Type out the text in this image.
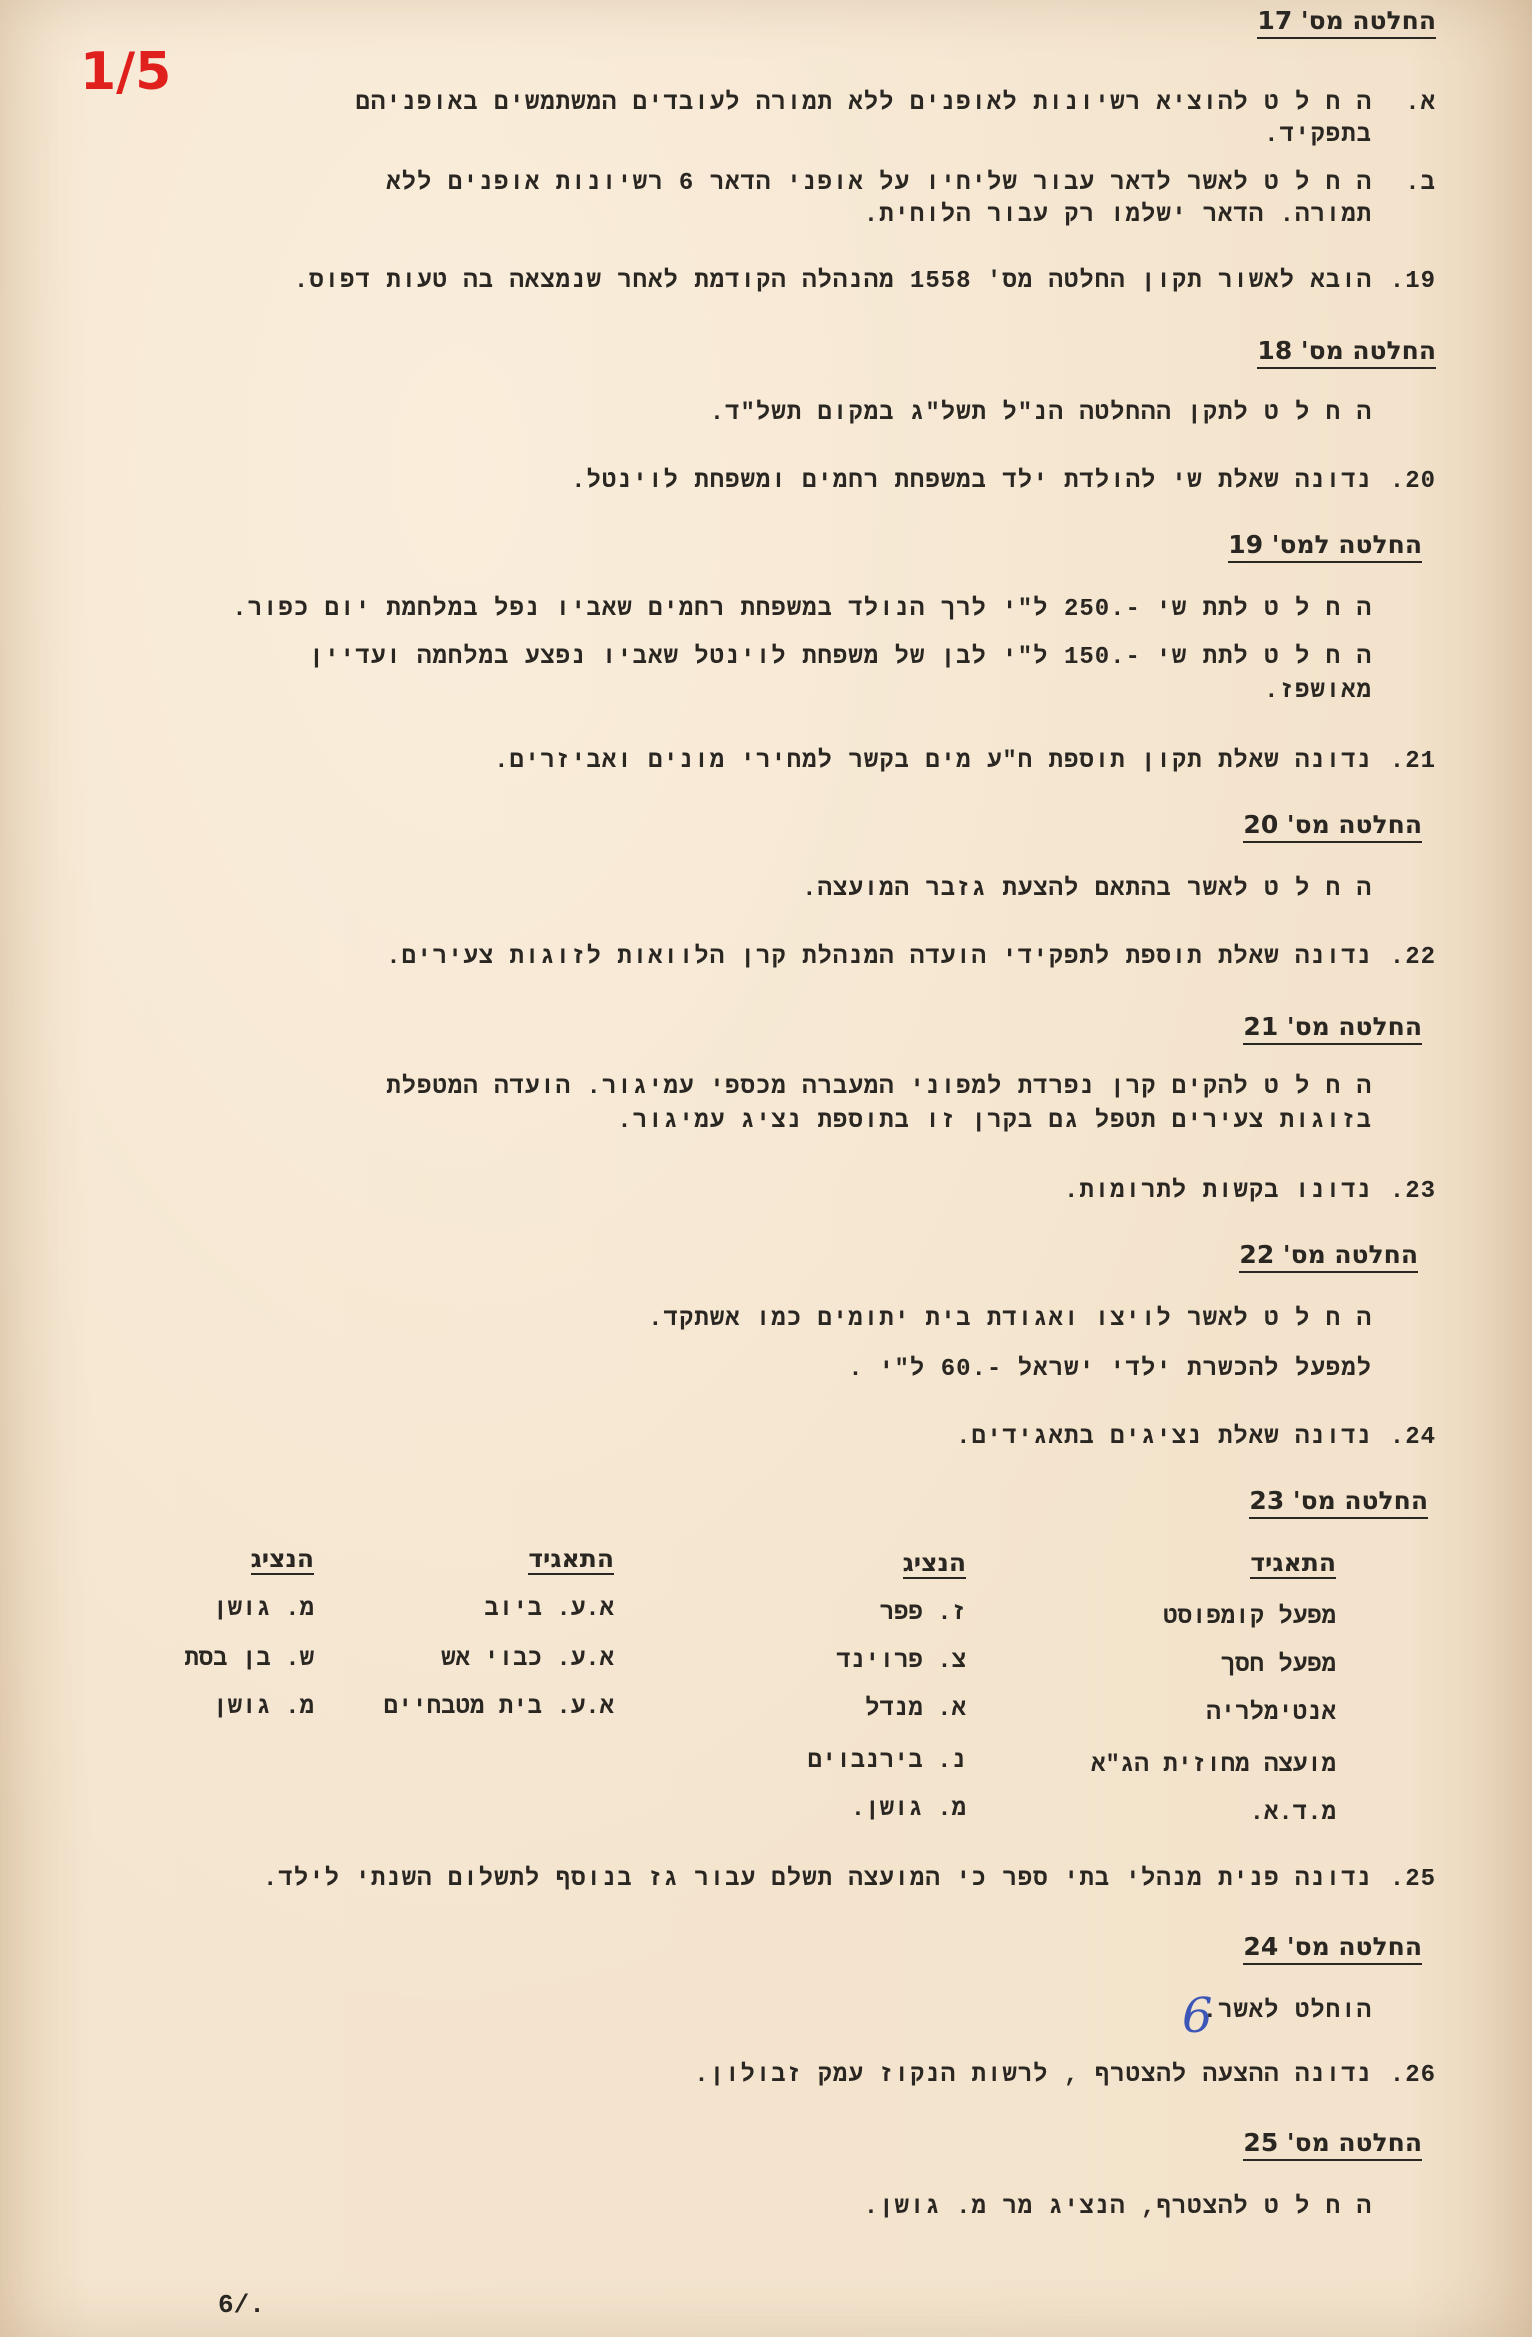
1/5
החלטה מס' 17
א.ה ח ל ט להוציא רשיונות לאופנים ללא תמורה לעובדים המשתמשים באופניהם
בתפקיד.
ב.ה ח ל ט לאשר לדאר עבור שליחיו על אופני הדאר 6 רשיונות אופנים ללא
תמורה. הדאר ישלמו רק עבור הלוחית.
19.הובא לאשור תקון החלטה מס' 1558 מהנהלה הקודמת לאחר שנמצאה בה טעות דפוס.
החלטה מס' 18
ה ח ל ט לתקן ההחלטה הנ"ל תשל"ג במקום תשל"ד.
20.נדונה שאלת שי להולדת ילד במשפחת רחמים ומשפחת לוינטל.
החלטה למס' 19
ה ח ל ט לתת שי -.250 ל"י לרך הנולד במשפחת רחמים שאביו נפל במלחמת יום כפור.
ה ח ל ט לתת שי -.150 ל"י לבן של משפחת לוינטל שאביו נפצע במלחמה ועדיין
מאושפז.
21.נדונה שאלת תקון תוספת ח"ע מים בקשר למחירי מונים ואביזרים.
החלטה מס' 20
ה ח ל ט לאשר בהתאם להצעת גזבר המועצה.
22.נדונה שאלת תוספת לתפקידי הועדה המנהלת קרן הלוואות לזוגות צעירים.
החלטה מס' 21
ה ח ל ט להקים קרן נפרדת למפוני המעברה מכספי עמיגור. הועדה המטפלת
בזוגות צעירים תטפל גם בקרן זו בתוספת נציג עמיגור.
23.נדונו בקשות לתרומות.
החלטה מס' 22
ה ח ל ט לאשר לויצו ואגודת בית יתומים כמו אשתקד.
למפעל להכשרת ילדי ישראל -.60 ל"י .
24.נדונה שאלת נציגים בתאגידים.
החלטה מס' 23
התאגיד
הנציג
התאגיד
הנציג
מפעל קומפוסט
ז. פפר
מפעל חסך
צ. פרוינד
אנטימלריה
א. מנדל
מועצה מחוזית הג"א
נ. בירנבוים
מ.ד.א.
מ. גושן.
א.ע. ביוב
מ. גושן
א.ע. כבוי אש
ש. בן בסת
א.ע. בית מטבחיים
מ. גושן
25.נדונה פנית מנהלי בתי ספר כי המועצה תשלם עבור גז בנוסף לתשלום השנתי לילד.
החלטה מס' 24
הוחלט לאשר.
6
26.נדונה ההצעה להצטרף , לרשות הנקוז עמק זבולון.
החלטה מס' 25
ה ח ל ט להצטרף, הנציג מר מ. גושן.
6/.
